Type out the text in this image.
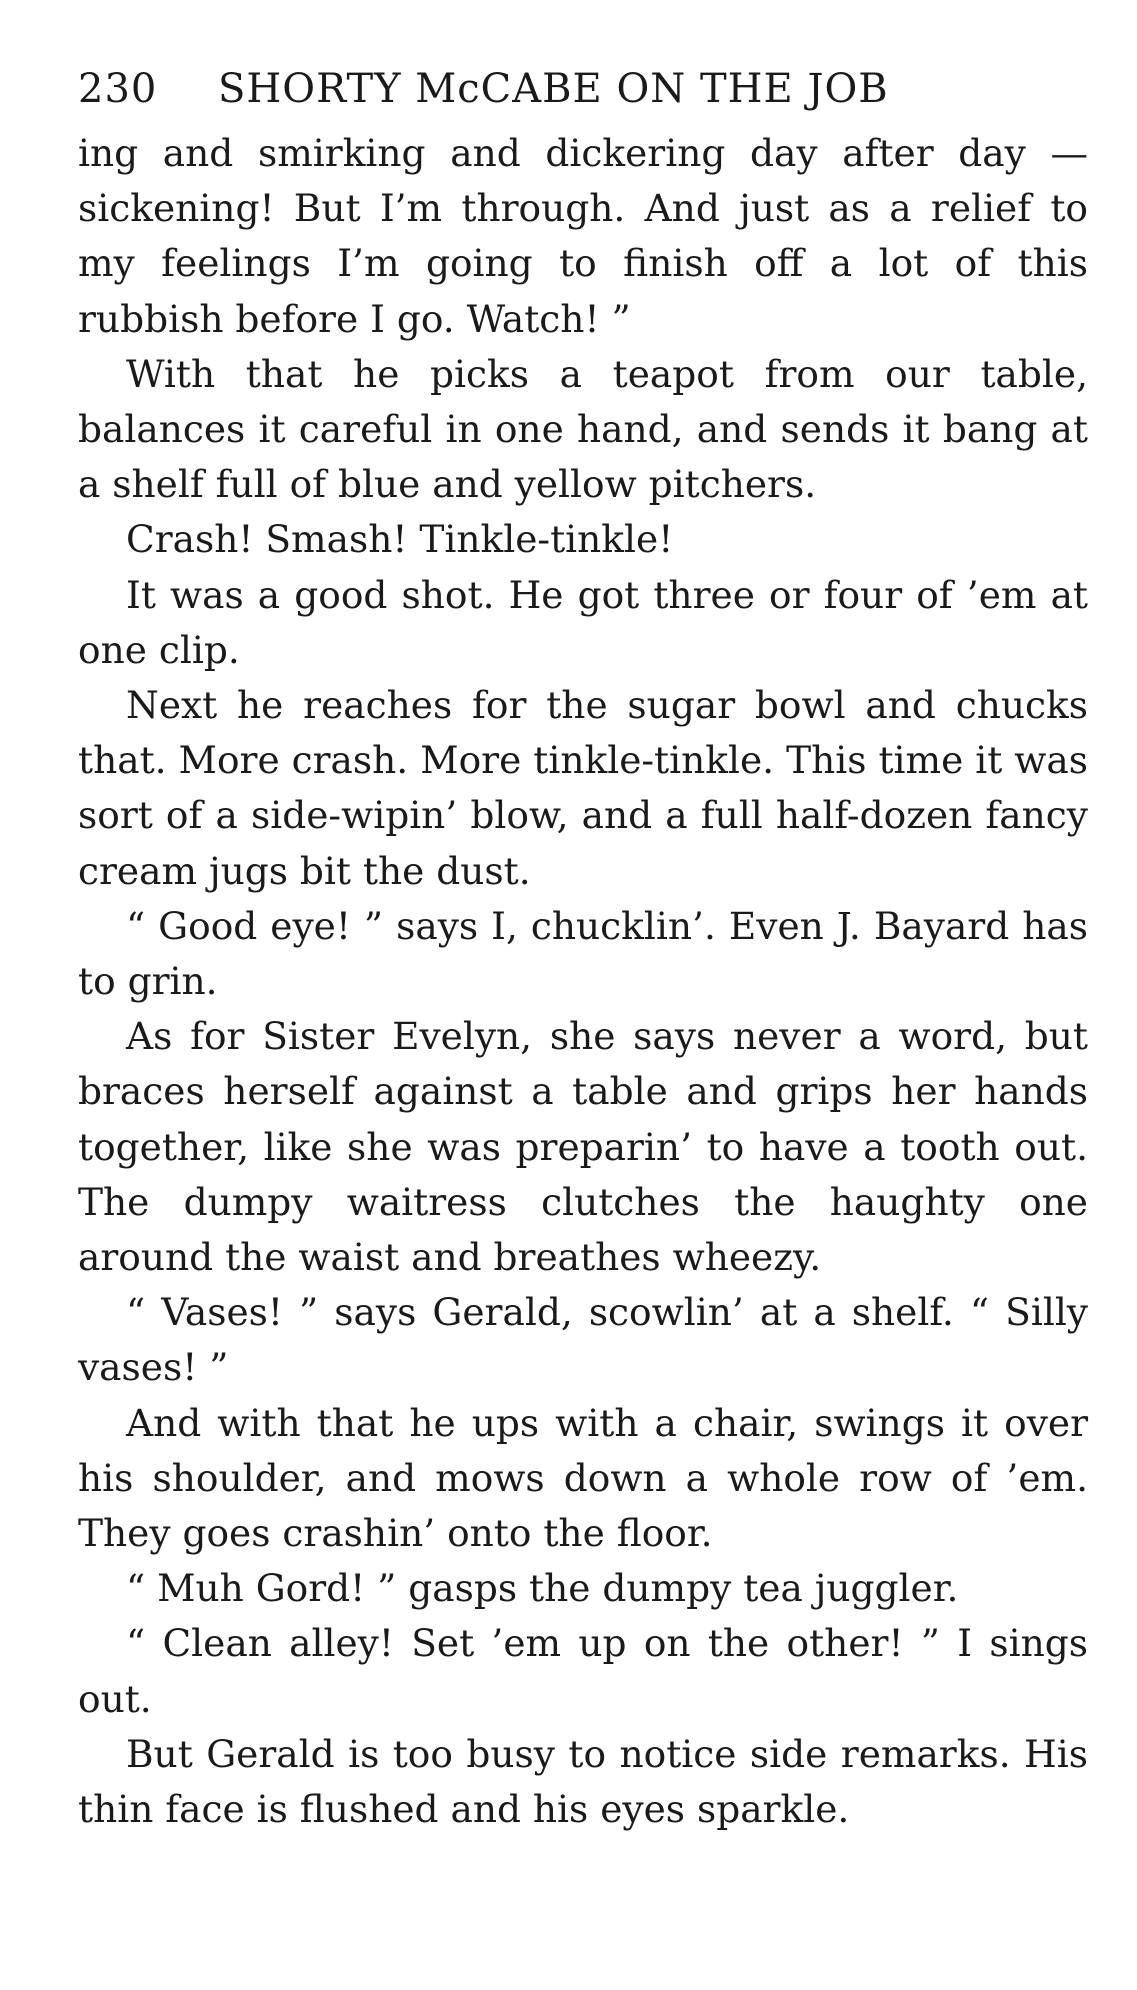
230	SHORTY McCABE ON THE JOB

ing and smirking and dickering day after day —sickening! But I’m through. And just as a relief to my feelings I’m going to finish off a lot of this rubbish before I go. Watch! ”

With that he picks a teapot from our table, balances it careful in one hand, and sends it bang at a shelf full of blue and yellow pitchers.

Crash! Smash! Tinkle-tinkle!

It was a good shot. He got three or four of ’em at one clip.

Next he reaches for the sugar bowl and chucks that. More crash. More tinkle-tinkle. This time it was sort of a side-wipin’ blow, and a full half-dozen fancy cream jugs bit the dust.

“ Good eye! ” says I, chucklin’. Even J. Bayard has to grin.

As for Sister Evelyn, she says never a word, but braces herself against a table and grips her hands together, like she was preparin’ to have a tooth out. The dumpy waitress clutches the haughty one around the waist and breathes wheezy.

“ Vases! ” says Gerald, scowlin’ at a shelf. “ Silly vases! ”

And with that he ups with a chair, swings it over his shoulder, and mows down a whole row of ’em. They goes crashin’ onto the floor.

“ Muh Gord! ” gasps the dumpy tea juggler.

“ Clean alley! Set ’em up on the other! ” I sings out.

But Gerald is too busy to notice side remarks. His thin face is flushed and his eyes sparkle.
